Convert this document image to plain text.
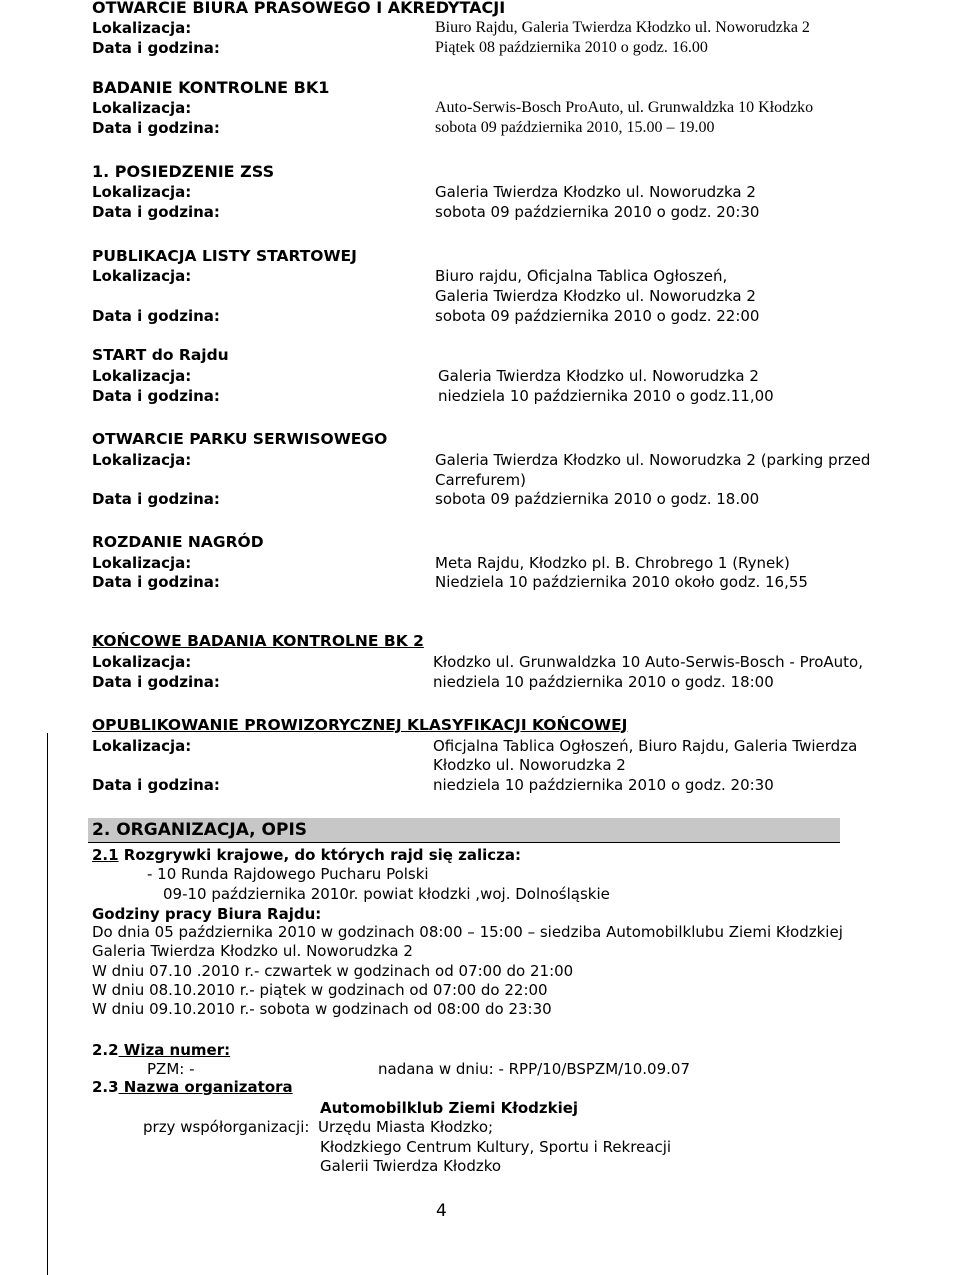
OTWARCIE BIURA PRASOWEGO I AKREDYTACJI
Lokalizacja:	Biuro Rajdu, Galeria Twierdza Kłodzko ul. Noworudzka 2
Data i godzina:	Piątek 08 października 2010 o godz. 16.00
BADANIE KONTROLNE BK1
Lokalizacja:	Auto-Serwis-Bosch ProAuto, ul. Grunwaldzka 10 Kłodzko
Data i godzina:	sobota 09 października 2010, 15.00 – 19.00
1. POSIEDZENIE ZSS
Lokalizacja:	Galeria Twierdza Kłodzko ul. Noworudzka 2
Data i godzina:	sobota 09 października 2010 o godz. 20:30
PUBLIKACJA LISTY STARTOWEJ
Lokalizacja:	Biuro rajdu, Oficjalna Tablica Ogłoszeń,
Galeria Twierdza Kłodzko ul. Noworudzka 2
Data i godzina:	sobota 09 października 2010 o godz. 22:00
START do Rajdu
Lokalizacja:	Galeria Twierdza Kłodzko ul. Noworudzka 2
Data i godzina:	niedziela 10 października 2010 o godz.11,00
OTWARCIE PARKU SERWISOWEGO
Lokalizacja:	Galeria Twierdza Kłodzko ul. Noworudzka 2 (parking przed
Carrefurem)
Data i godzina:	sobota 09 października 2010 o godz. 18.00
ROZDANIE NAGRÓD
Lokalizacja:	Meta Rajdu, Kłodzko pl. B. Chrobrego 1 (Rynek)
Data i godzina:	Niedziela 10 października 2010 około godz. 16,55
KOŃCOWE BADANIA KONTROLNE BK 2
Lokalizacja:	Kłodzko ul. Grunwaldzka 10 Auto-Serwis-Bosch - ProAuto,
Data i godzina:	niedziela 10 października 2010 o godz. 18:00
OPUBLIKOWANIE PROWIZORYCZNEJ KLASYFIKACJI KOŃCOWEJ
Lokalizacja:	Oficjalna Tablica Ogłoszeń, Biuro Rajdu, Galeria Twierdza
Kłodzko ul. Noworudzka 2
Data i godzina:	niedziela 10 października 2010 o godz. 20:30
2. ORGANIZACJA, OPIS
2.1 Rozgrywki krajowe, do których rajd się zalicza:
- 10 Runda Rajdowego Pucharu Polski
09-10 października 2010r. powiat kłodzki ,woj. Dolnośląskie
Godziny pracy Biura Rajdu:
Do dnia 05 października 2010 w godzinach 08:00 – 15:00 – siedziba Automobilklubu Ziemi Kłodzkiej
Galeria Twierdza Kłodzko ul. Noworudzka 2
W dniu 07.10 .2010 r.- czwartek w godzinach od 07:00 do 21:00
W dniu 08.10.2010 r.- piątek w godzinach od 07:00 do 22:00
W dniu 09.10.2010 r.- sobota w godzinach od 08:00 do 23:30
2.2 Wiza numer:
PZM: -	nadana w dniu: - RPP/10/BSPZM/10.09.07
2.3 Nazwa organizatora
Automobilklub Ziemi Kłodzkiej
przy współorganizacji: Urzędu Miasta Kłodzko;
Kłodzkiego Centrum Kultury, Sportu i Rekreacji
Galerii Twierdza Kłodzko
4
